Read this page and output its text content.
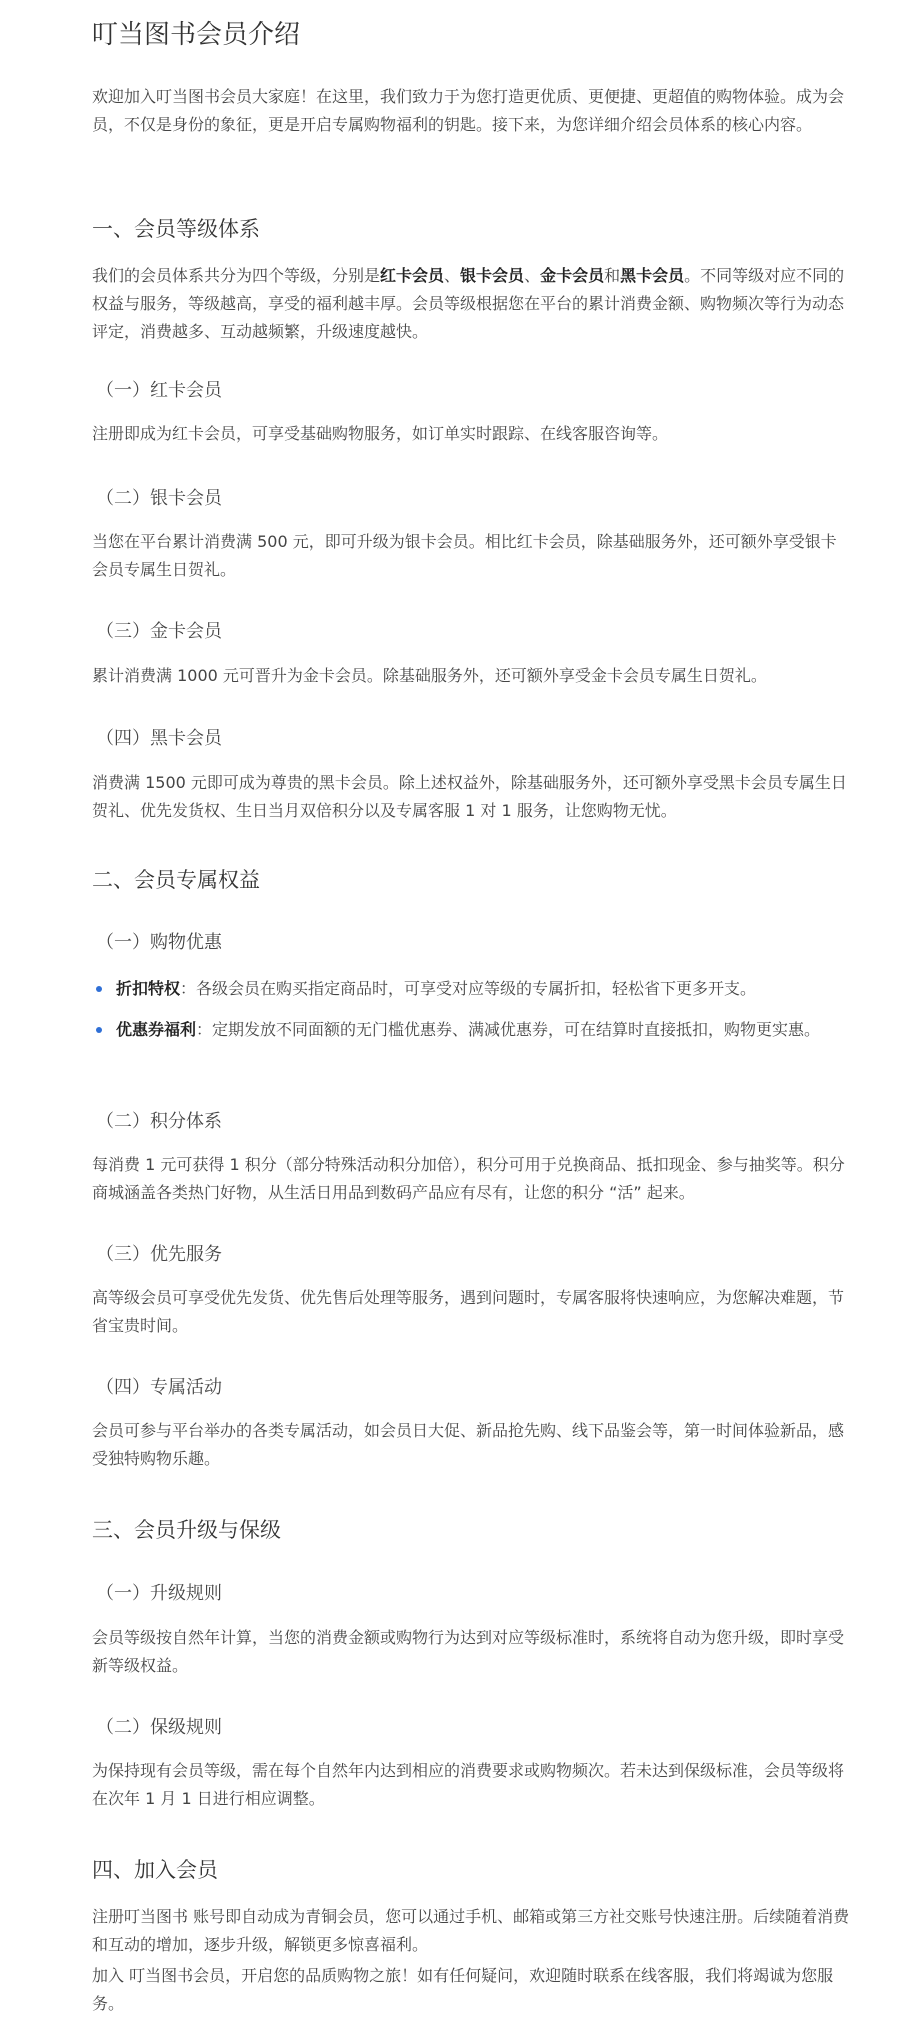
叮当图书会员介绍
欢迎加入叮当图书会员大家庭！在这里，我们致力于为您打造更优质、更便捷、更超值的购物体验。成为会员，不仅是身份的象征，更是开启专属购物福利的钥匙。接下来，为您详细介绍会员体系的核心内容。
一、会员等级体系
我们的会员体系共分为四个等级，分别是红卡会员、银卡会员、金卡会员和黑卡会员。不同等级对应不同的权益与服务，等级越高，享受的福利越丰厚。会员等级根据您在平台的累计消费金额、购物频次等行为动态评定，消费越多、互动越频繁，升级速度越快。
（一）红卡会员
注册即成为红卡会员，可享受基础购物服务，如订单实时跟踪、在线客服咨询等。
（二）银卡会员
当您在平台累计消费满 500 元，即可升级为银卡会员。相比红卡会员，除基础服务外，还可额外享受银卡会员专属生日贺礼。
（三）金卡会员
累计消费满 1000 元可晋升为金卡会员。除基础服务外，还可额外享受金卡会员专属生日贺礼。
（四）黑卡会员
消费满 1500 元即可成为尊贵的黑卡会员。除上述权益外，除基础服务外，还可额外享受黑卡会员专属生日贺礼、优先发货权、生日当月双倍积分以及专属客服 1 对 1 服务，让您购物无忧。
二、会员专属权益
（一）购物优惠
折扣特权：各级会员在购买指定商品时，可享受对应等级的专属折扣，轻松省下更多开支。
优惠券福利：定期发放不同面额的无门槛优惠券、满减优惠券，可在结算时直接抵扣，购物更实惠。
（二）积分体系
每消费 1 元可获得 1 积分（部分特殊活动积分加倍），积分可用于兑换商品、抵扣现金、参与抽奖等。积分商城涵盖各类热门好物，从生活日用品到数码产品应有尽有，让您的积分 “活” 起来。
（三）优先服务
高等级会员可享受优先发货、优先售后处理等服务，遇到问题时，专属客服将快速响应，为您解决难题，节省宝贵时间。
（四）专属活动
会员可参与平台举办的各类专属活动，如会员日大促、新品抢先购、线下品鉴会等，第一时间体验新品，感受独特购物乐趣。
三、会员升级与保级
（一）升级规则
会员等级按自然年计算，当您的消费金额或购物行为达到对应等级标准时，系统将自动为您升级，即时享受新等级权益。
（二）保级规则
为保持现有会员等级，需在每个自然年内达到相应的消费要求或购物频次。若未达到保级标准，会员等级将在次年 1 月 1 日进行相应调整。
四、加入会员
注册叮当图书 账号即自动成为青铜会员，您可以通过手机、邮箱或第三方社交账号快速注册。后续随着消费和互动的增加，逐步升级，解锁更多惊喜福利。
加入 叮当图书会员，开启您的品质购物之旅！如有任何疑问，欢迎随时联系在线客服，我们将竭诚为您服务。
